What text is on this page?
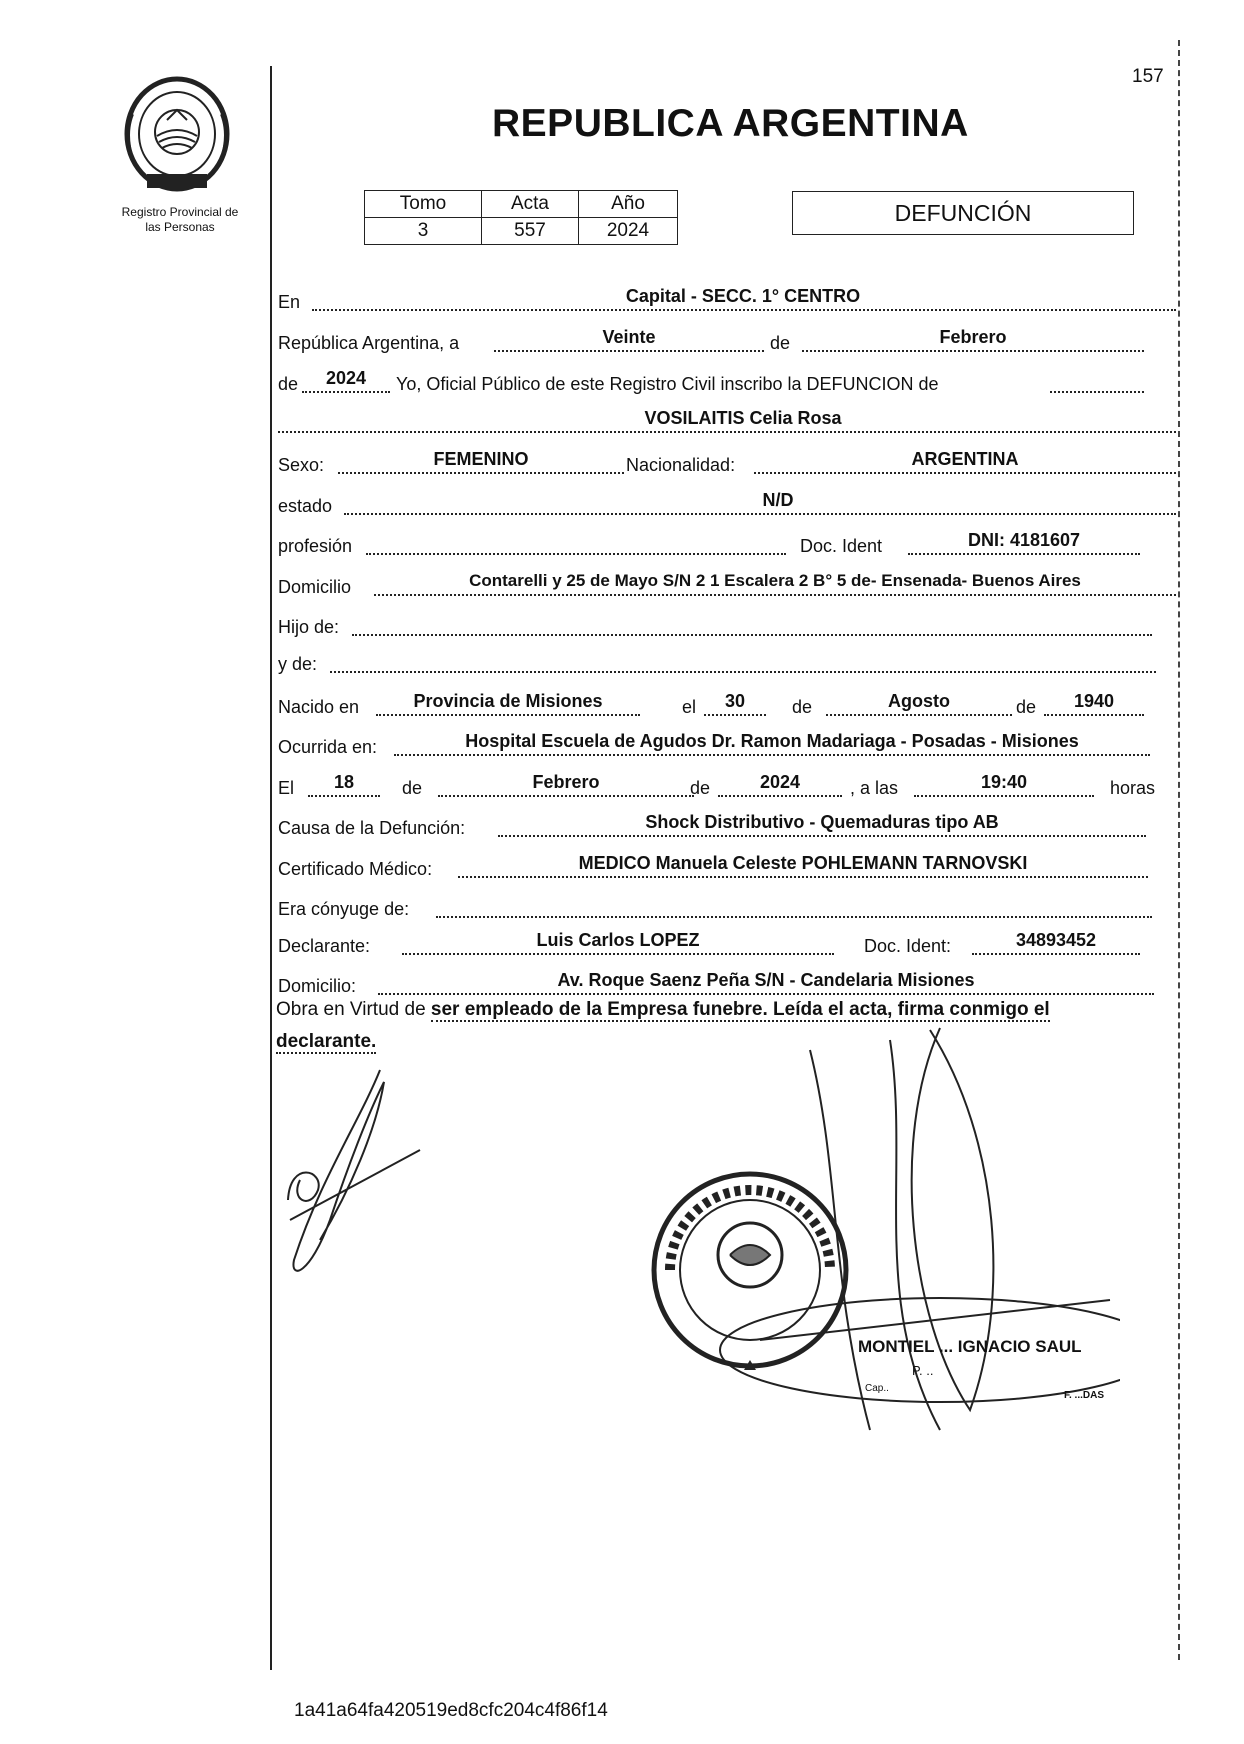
157
REPUBLICA ARGENTINA
Registro Provincial de
las Personas
Tomo	Acta	Año
3	557	2024
DEFUNCIÓN
En	Capital - SECC. 1° CENTRO
República Argentina, a	Veinte	de	Febrero
de	2024	Yo, Oficial Público de este Registro Civil inscribo la DEFUNCION de
VOSILAITIS Celia Rosa
Sexo:	FEMENINO	Nacionalidad:	ARGENTINA
estado	N/D
profesión	Doc. Ident	DNI: 4181607
Domicilio	Contarelli y 25 de Mayo S/N 2 1 Escalera 2 B° 5 de- Ensenada- Buenos Aires
Hijo de:
y de:
Nacido en	Provincia de Misiones	el	30	de	Agosto	de	1940
Ocurrida en:	Hospital Escuela de Agudos Dr. Ramon Madariaga - Posadas - Misiones
El	18	de	Febrero	de	2024	, a las	19:40	horas
Causa de la Defunción:	Shock Distributivo - Quemaduras tipo AB
Certificado Médico:	MEDICO Manuela Celeste POHLEMANN TARNOVSKI
Era cónyuge de:
Declarante:	Luis Carlos LOPEZ	Doc. Ident:	34893452
Domicilio:	Av. Roque Saenz Peña S/N - Candelaria Misiones
Obra en Virtud de ser empleado de la Empresa funebre. Leída el acta, firma conmigo el
declarante.
MONTIEL ... IGNACIO SAUL
P. ..
Cap..
F. ...DAS
1a41a64fa420519ed8cfc204c4f86f14
